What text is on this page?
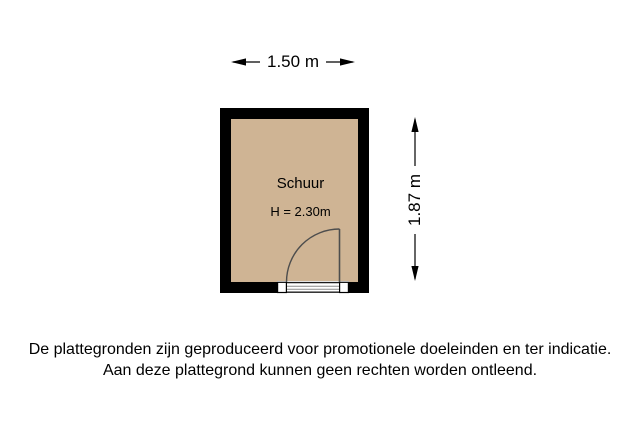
1.50 m
1.87 m
Schuur
H = 2.30m
De plattegronden zijn geproduceerd voor promotionele doeleinden en ter indicatie.
Aan deze plattegrond kunnen geen rechten worden ontleend.
